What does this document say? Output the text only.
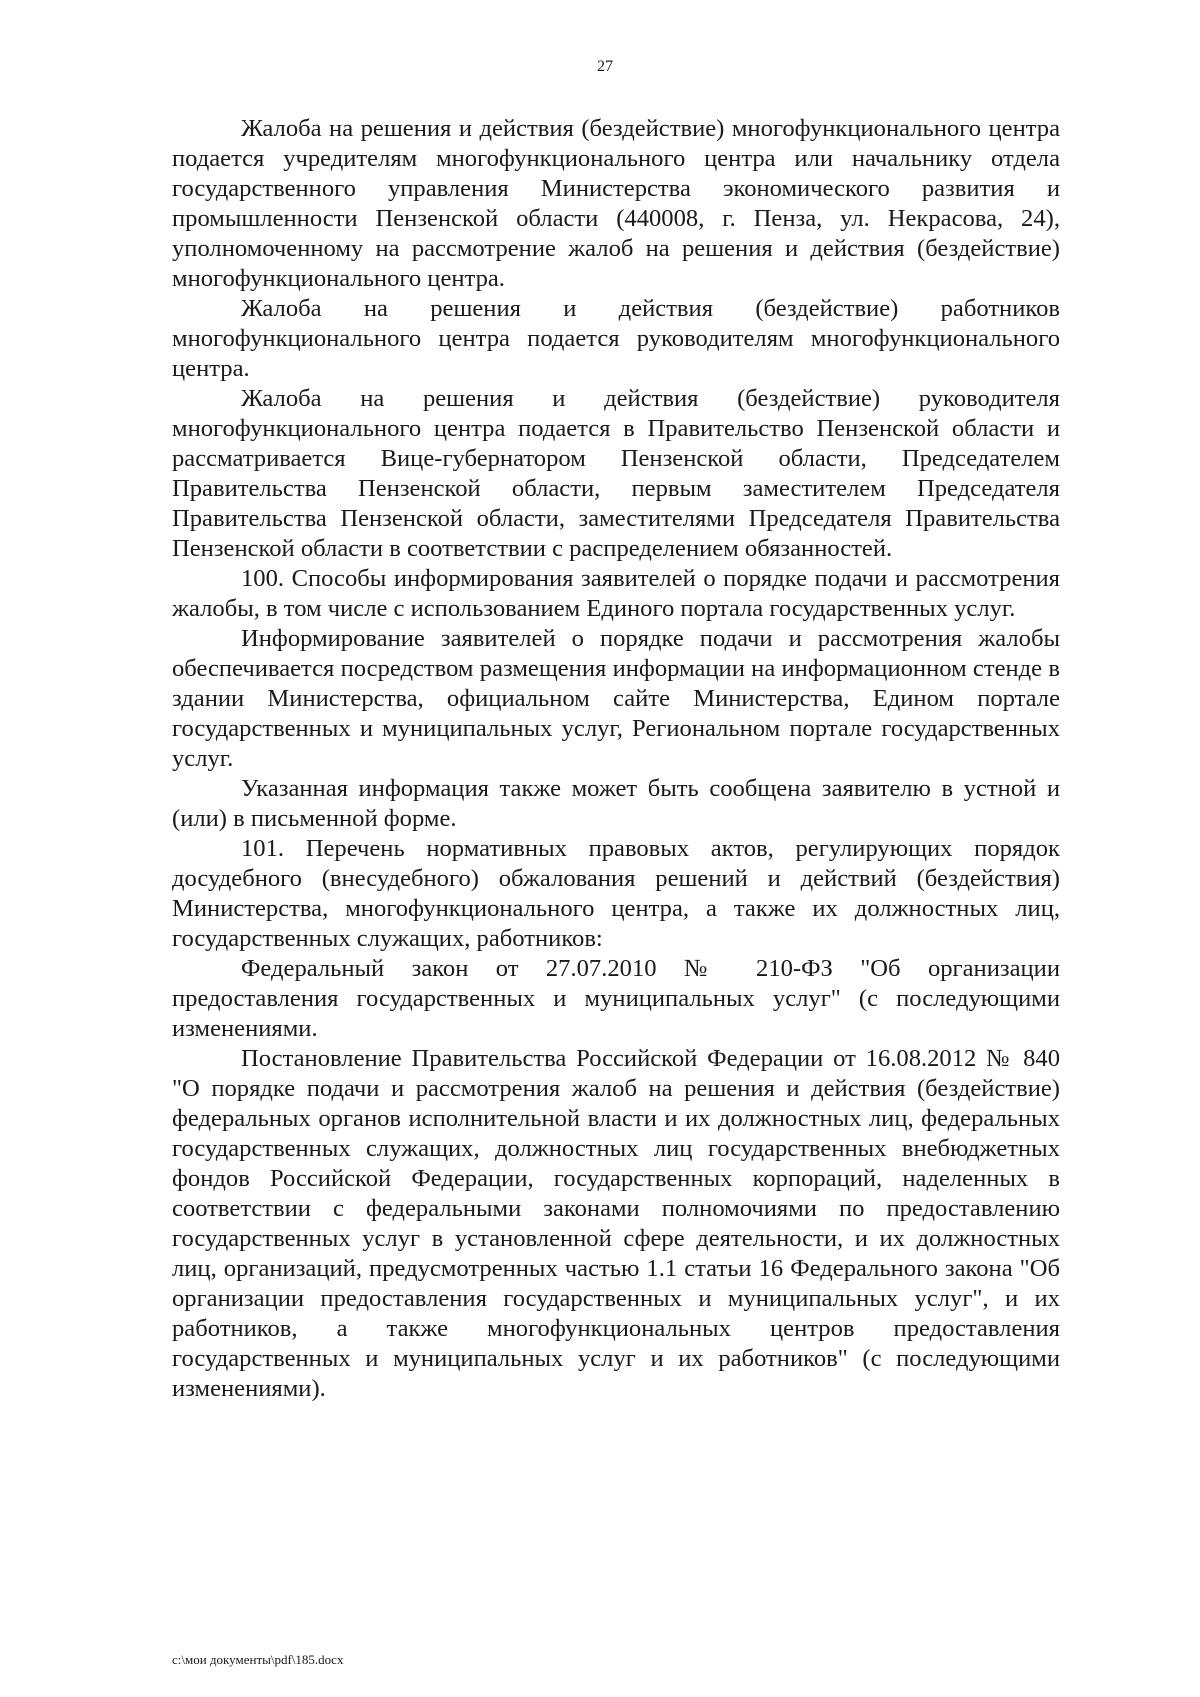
27

Жалоба на решения и действия (бездействие) многофункционального центра подается учредителям многофункционального центра или начальнику отдела государственного управления Министерства экономического развития и промышленности Пензенской области (440008, г. Пенза, ул. Некрасова, 24), уполномоченному на рассмотрение жалоб на решения и действия (бездействие) многофункционального центра.

Жалоба на решения и действия (бездействие) работников многофункционального центра подается руководителям многофункционального центра.

Жалоба на решения и действия (бездействие) руководителя многофункционального центра подается в Правительство Пензенской области и рассматривается Вице-губернатором Пензенской области, Председателем Правительства Пензенской области, первым заместителем Председателя Правительства Пензенской области, заместителями Председателя Правительства Пензенской области в соответствии с распределением обязанностей.

100. Способы информирования заявителей о порядке подачи и рассмотрения жалобы, в том числе с использованием Единого портала государственных услуг.

Информирование заявителей о порядке подачи и рассмотрения жалобы обеспечивается посредством размещения информации на информационном стенде в здании Министерства, официальном сайте Министерства, Едином портале государственных и муниципальных услуг, Региональном портале государственных услуг.

Указанная информация также может быть сообщена заявителю в устной и (или) в письменной форме.

101. Перечень нормативных правовых актов, регулирующих порядок досудебного (внесудебного) обжалования решений и действий (бездействия) Министерства, многофункционального центра, а также их должностных лиц, государственных служащих, работников:

Федеральный закон от 27.07.2010 № 210-ФЗ "Об организации предоставления государственных и муниципальных услуг" (с последующими изменениями.

Постановление Правительства Российской Федерации от 16.08.2012 № 840 "О порядке подачи и рассмотрения жалоб на решения и действия (бездействие) федеральных органов исполнительной власти и их должностных лиц, федеральных государственных служащих, должностных лиц государственных внебюджетных фондов Российской Федерации, государственных корпораций, наделенных в соответствии с федеральными законами полномочиями по предоставлению государственных услуг в установленной сфере деятельности, и их должностных лиц, организаций, предусмотренных частью 1.1 статьи 16 Федерального закона "Об организации предоставления государственных и муниципальных услуг", и их работников, а также многофункциональных центров предоставления государственных и муниципальных услуг и их работников" (с последующими изменениями).

c:\мои документы\pdf\185.docx
